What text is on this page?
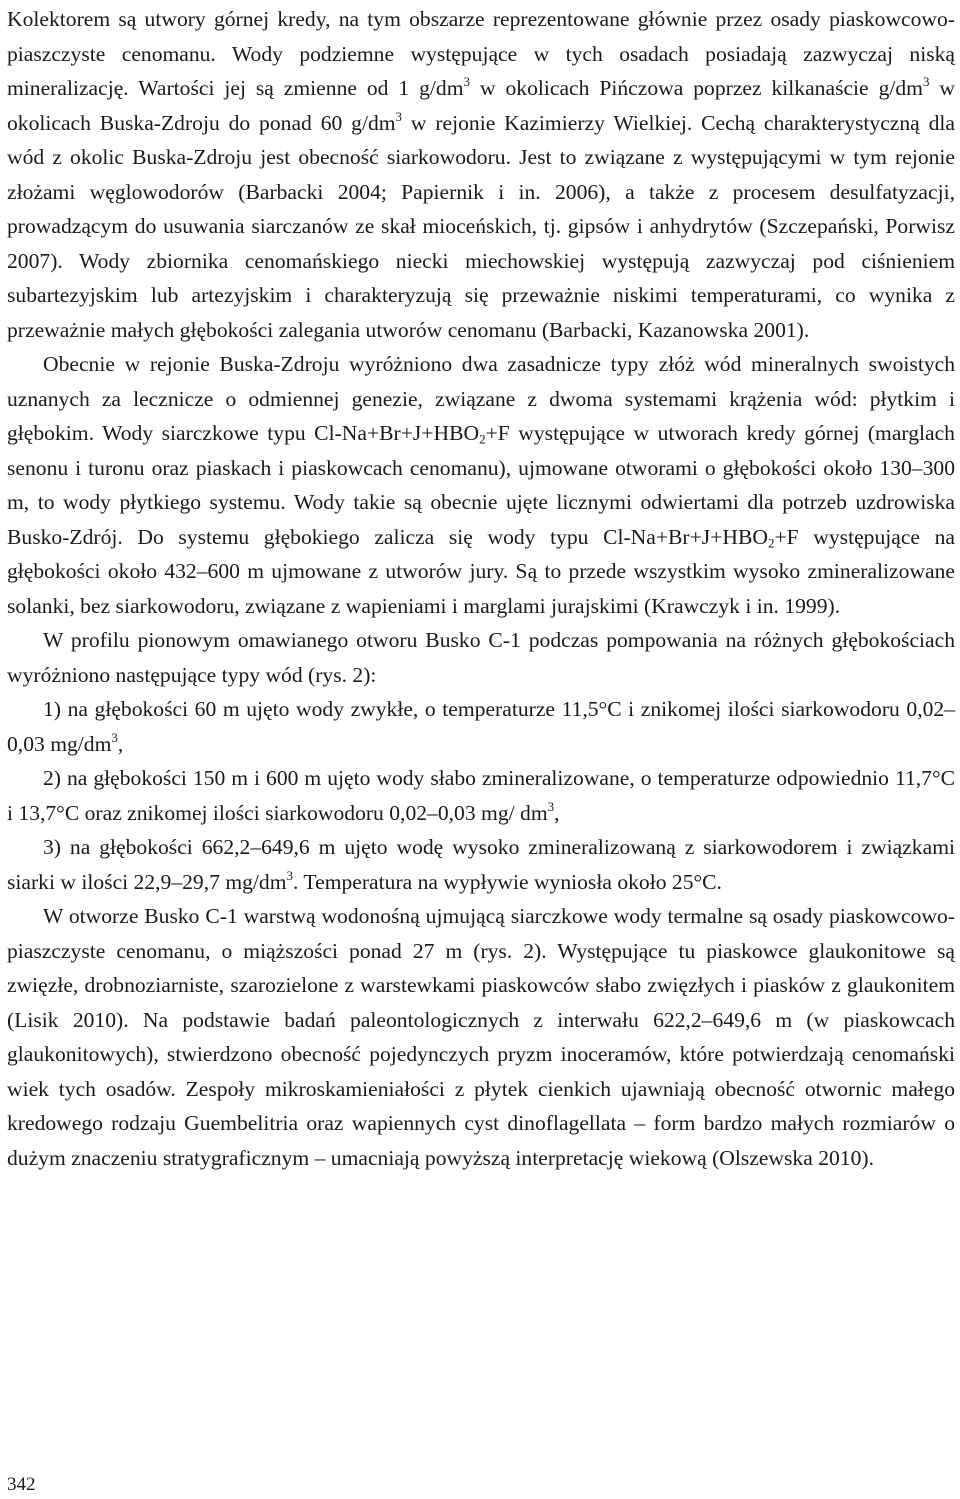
Kolektorem są utwory górnej kredy, na tym obszarze reprezentowane głównie przez osady piaskowcowo-piaszczyste cenomanu. Wody podziemne występujące w tych osadach posiadają zazwyczaj niską mineralizację. Wartości jej są zmienne od 1 $g/dm^3$ w okolicach Pińczowa poprzez kilkanaście $g/dm^3$ w okolicach Buska-Zdroju do ponad 60 $g/dm^3$ w rejonie Kazimierzy Wielkiej. Cechą charakterystyczną dla wód z okolic Buska-Zdroju jest obecność siarkowodoru. Jest to związane z występującymi w tym rejonie złożami węglowodorów (Barbacki 2004; Papiernik i in. 2006), a także z procesem desulfatyzacji, prowadzącym do usuwania siarczanów ze skał mioceńskich, tj. gipsów i anhydrytów (Szczepański, Porwisz 2007). Wody zbiornika cenomańskiego niecki miechowskiej występują zazwyczaj pod ciśnieniem subartezyjskim lub artezyjskim i charakteryzują się przeważnie niskimi temperaturami, co wynika z przeważnie małych głębokości zalegania utworów cenomanu (Barbacki, Kazanowska 2001).

Obecnie w rejonie Buska-Zdroju wyróżniono dwa zasadnicze typy złóż wód mineralnych swoistych uznanych za lecznicze o odmiennej genezie, związane z dwoma systemami krążenia wód: płytkim i głębokim. Wody siarczkowe typu $Cl-Na+Br+J+HBO_2+F$ występujące w utworach kredy górnej (marglach senonu i turonu oraz piaskach i piaskowcach cenomanu), ujmowane otworami o głębokości około 130–300 m, to wody płytkiego systemu. Wody takie są obecnie ujęte licznymi odwiertami dla potrzeb uzdrowiska Busko-Zdrój. Do systemu głębokiego zalicza się wody typu $Cl-Na+Br+J+HBO_2+F$ występujące na głębokości około 432–600 m ujmowane z utworów jury. Są to przede wszystkim wysoko zmineralizowane solanki, bez siarkowodoru, związane z wapieniami i marglami jurajskimi (Krawczyk i in. 1999).

W profilu pionowym omawianego otworu Busko C-1 podczas pompowania na różnych głębokościach wyróżniono następujące typy wód (rys. 2):

1) na głębokości 60 m ujęto wody zwykłe, o temperaturze 11,5°C i znikomej ilości siarkowodoru 0,02–0,03 $mg/dm^3$,

2) na głębokości 150 m i 600 m ujęto wody słabo zmineralizowane, o temperaturze odpowiednio 11,7°C i 13,7°C oraz znikomej ilości siarkowodoru 0,02–0,03 mg/ $dm^3$,

3) na głębokości 662,2–649,6 m ujęto wodę wysoko zmineralizowaną z siarkowodorem i związkami siarki w ilości 22,9–29,7 $mg/dm^3$. Temperatura na wypływie wyniosła około 25°C.

W otworze Busko C-1 warstwą wodonośną ujmującą siarczkowe wody termalne są osady piaskowcowo-piaszczyste cenomanu, o miąższości ponad 27 m (rys. 2). Występujące tu piaskowce glaukonitowe są zwięzłe, drobnoziarniste, szarozielone z warstewkami piaskowców słabo zwięzłych i piasków z glaukonitem (Lisik 2010). Na podstawie badań paleontologicznych z interwału 622,2–649,6 m (w piaskowcach glaukonitowych), stwierdzono obecność pojedynczych pryzm inoceramów, które potwierdzają cenomański wiek tych osadów. Zespoły mikroskamieniałości z płytek cienkich ujawniają obecność otwornic małego kredowego rodzaju Guembelitria oraz wapiennych cyst dinoflagellata – form bardzo małych rozmiarów o dużym znaczeniu stratygraficznym – umacniają powyższą interpretację wiekową (Olszewska 2010).

342
